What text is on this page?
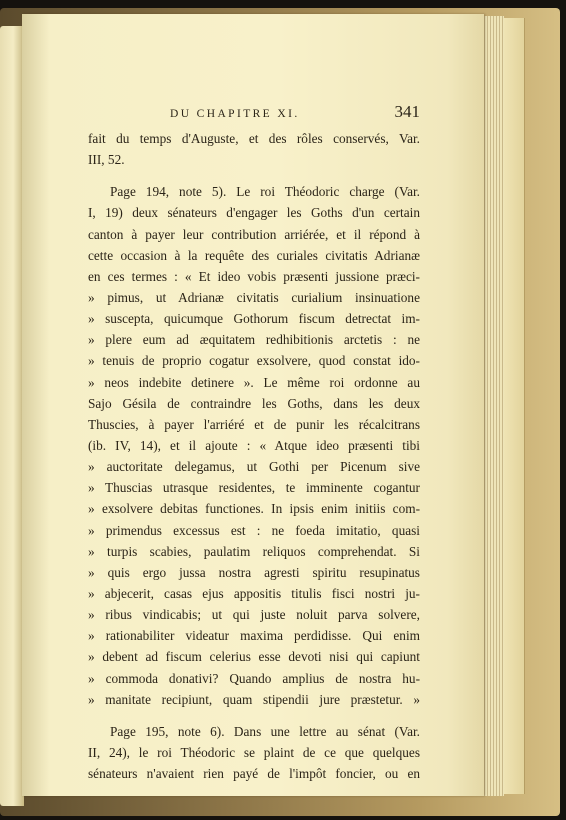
DU CHAPITRE XI.	341
fait du temps d'Auguste, et des rôles conservés, Var.
III, 52.
Page 194, note 5). Le roi Théodoric charge (Var.
I, 19) deux sénateurs d'engager les Goths d'un certain
canton à payer leur contribution arriérée, et il répond à
cette occasion à la requête des curiales civitatis Adrianæ
en ces termes : « Et ideo vobis præsenti jussione præci-
» pimus, ut Adrianæ civitatis curialium insinuatione
» suscepta, quicumque Gothorum fiscum detrectat im-
» plere eum ad æquitatem redhibitionis arctetis : ne
» tenuis de proprio cogatur exsolvere, quod constat ido-
» neos indebite detinere ». Le même roi ordonne au
Sajo Gésila de contraindre les Goths, dans les deux
Thuscies, à payer l'arriéré et de punir les récalcitrans
(ib. IV, 14), et il ajoute : « Atque ideo præsenti tibi
» auctoritate delegamus, ut Gothi per Picenum sive
» Thuscias utrasque residentes, te imminente cogantur
» exsolvere debitas functiones. In ipsis enim initiis com-
» primendus excessus est : ne foeda imitatio, quasi
» turpis scabies, paulatim reliquos comprehendat. Si
» quis ergo jussa nostra agresti spiritu resupinatus
» abjecerit, casas ejus appositis titulis fisci nostri ju-
» ribus vindicabis; ut qui juste noluit parva solvere,
» rationabiliter videatur maxima perdidisse. Qui enim
» debent ad fiscum celerius esse devoti nisi qui capiunt
» commoda donativi? Quando amplius de nostra hu-
» manitate recipiunt, quam stipendii jure præstetur. »
Page 195, note 6). Dans une lettre au sénat (Var.
II, 24), le roi Théodoric se plaint de ce que quelques
sénateurs n'avaient rien payé de l'impôt foncier, ou en
